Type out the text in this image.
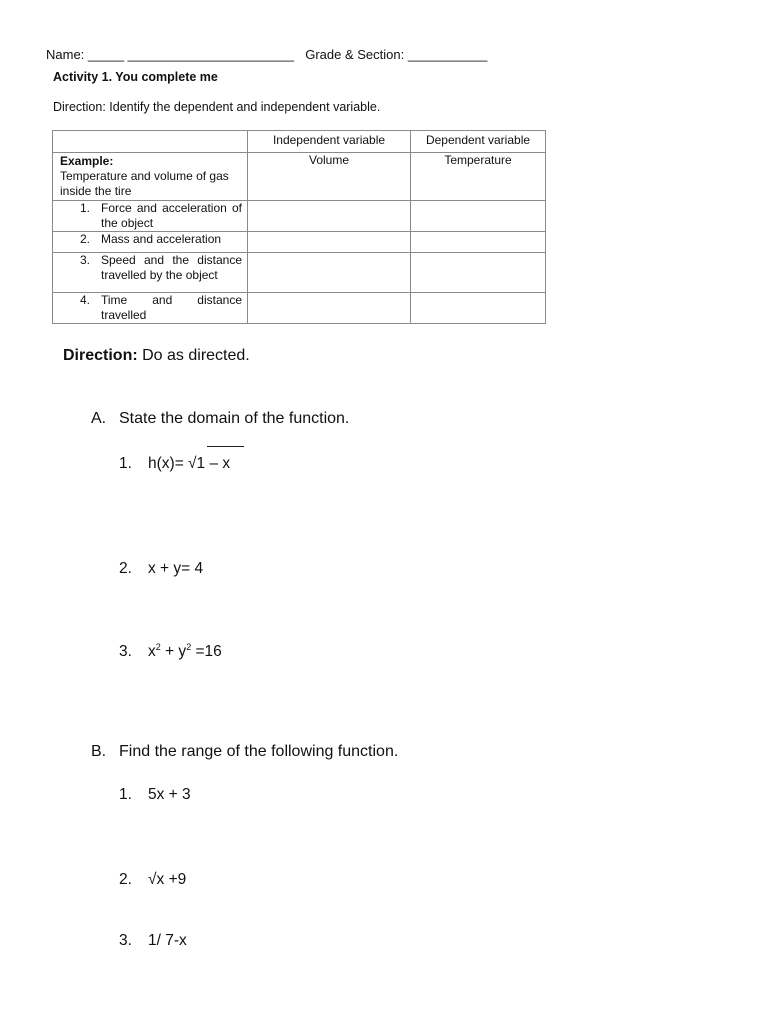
Name: _____ _______________________ Grade & Section: ___________
Activity 1. You complete me
Direction: Identify the dependent and independent variable.
	Independent variable	Dependent variable
Example:
Temperature and volume of gas inside the tire	Volume	Temperature

1. Force and acceleration of the object		

2. Mass and acceleration		

3. Speed and the distance travelled by the object		

4. Time and distance travelled		

Direction: Do as directed.
A. State the domain of the function.
1. h(x)= √1 – x
2. x + y= 4
3. $x^2 + y^2 =16$
B. Find the range of the following function.
1. 5x + 3
2. √x +9
3. 1/ 7-x
